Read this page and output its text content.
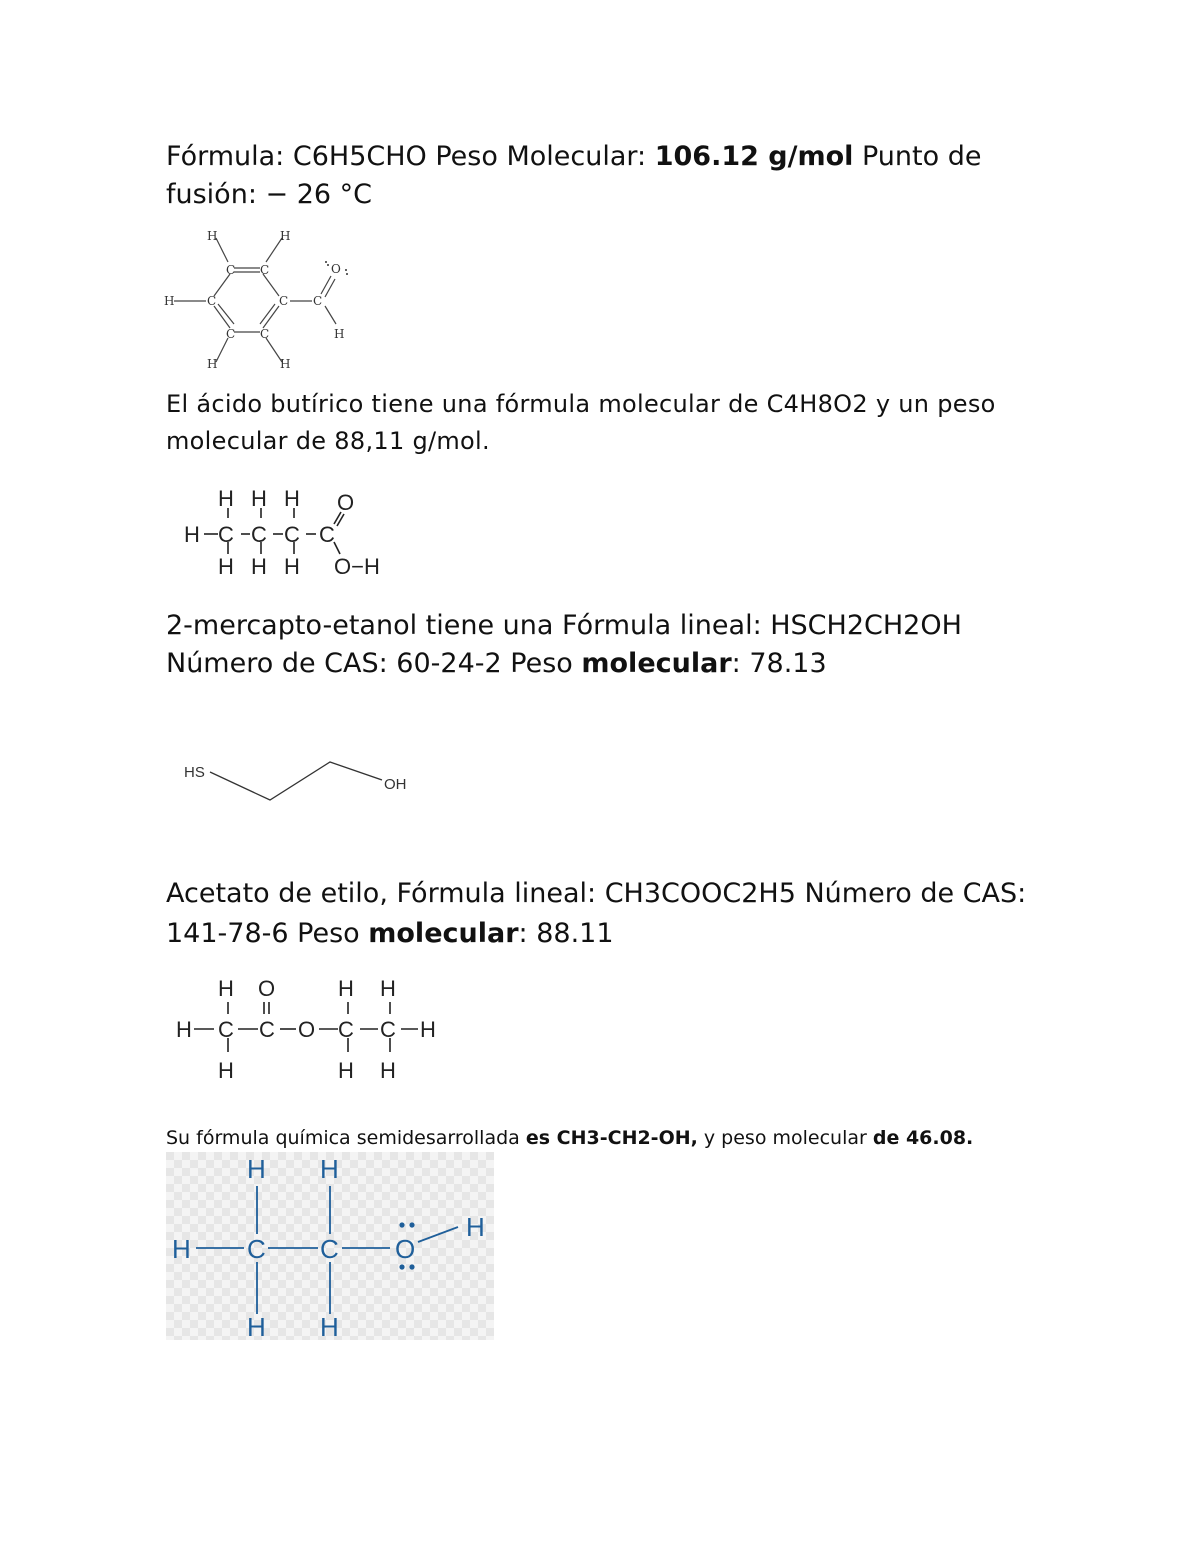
Fórmula: C6H5CHO Peso Molecular: 106.12 g/mol Punto de fusión: − 26 °C

H	H
C C
H	C	C C
O
H
C C
H	H

El ácido butírico tiene una fórmula molecular de C4H8O2 y un peso molecular de 88,11 g/mol.

H
H H H
C C C C
O
H H H O−H

2-mercapto-etanol tiene una Fórmula lineal: HSCH2CH2OH Número de CAS: 60-24-2 Peso molecular: 78.13

HS
OH

Acetato de etilo, Fórmula lineal: CH3COOC2H5 Número de CAS: 141-78-6 Peso molecular: 88.11

H
H
C
H
O
C O
H
C
H
H
C
H
H

Su fórmula química semidesarrollada es CH3-CH2-OH, y peso molecular de 46.08.

H
H H
C C O
H H
H
